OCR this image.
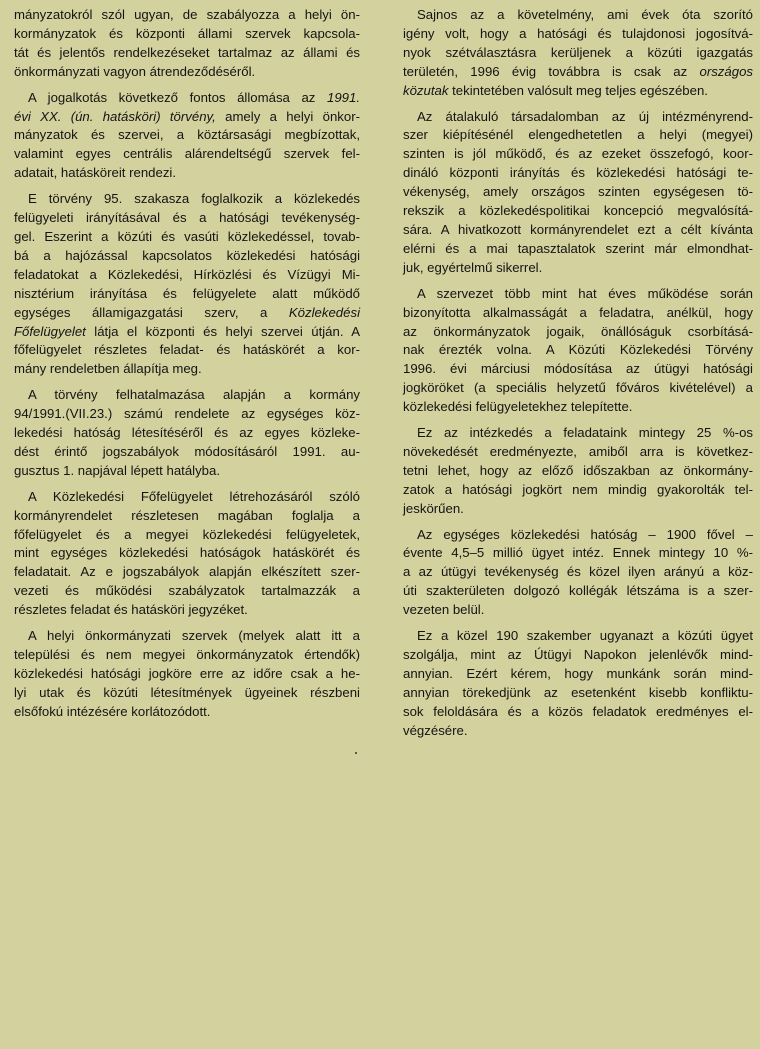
mányzatokról szól ugyan, de szabályozza a helyi ön-
kormányzatok és központi állami szervek kapcsola-
tát és jelentős rendelkezéseket tartalmaz az állami és
önkormányzati vagyon átrendeződéséről.

A jogalkotás következő fontos állomása az 1991.
évi XX. (ún. hatásköri) törvény, amely a helyi önkor-
mányzatok és szervei, a köztársasági megbízottak,
valamint egyes centrális alárendeltségű szervek fel-
adatait, hatásköreit rendezi.

E törvény 95. szakasza foglalkozik a közlekedés
felügyeleti irányításával és a hatósági tevékenység-
gel. Eszerint a közúti és vasúti közlekedéssel, tovab-
bá a hajózással kapcsolatos közlekedési hatósági
feladatokat a Közlekedési, Hírközlési és Vízügyi Mi-
nisztérium irányítása és felügyelete alatt működő
egységes államigazgatási szerv, a Közlekedési
Főfelügyelet látja el központi és helyi szervei útján. A
főfelügyelet részletes feladat- és hatáskörét a kor-
mány rendeletben állapítja meg.

A törvény felhatalmazása alapján a kormány
94/1991.(VII.23.) számú rendelete az egységes köz-
lekedési hatóság létesítéséről és az egyes közleke-
dést érintő jogszabályok módosításáról 1991. au-
gusztus 1. napjával lépett hatályba.

A Közlekedési Főfelügyelet létrehozásáról szóló
kormányrendelet részletesen magában foglalja a
főfelügyelet és a megyei közlekedési felügyeletek,
mint egységes közlekedési hatóságok hatáskörét és
feladatait. Az e jogszabályok alapján elkészített szer-
vezeti és működési szabályzatok tartalmazzák a
részletes feladat és hatásköri jegyzéket.

A helyi önkormányzati szervek (melyek alatt itt a
települési és nem megyei önkormányzatok értendők)
közlekedési hatósági jogköre erre az időre csak a he-
lyi utak és közúti létesítmények ügyeinek részbeni
elsőfokú intézésére korlátozódott.

Sajnos az a követelmény, ami évek óta szorító
igény volt, hogy a hatósági és tulajdonosi jogosítvá-
nyok szétválasztásra kerüljenek a közúti igazgatás
területén, 1996 évig továbbra is csak az országos
közutak tekintetében valósult meg teljes egészében.

Az átalakuló társadalomban az új intézményrend-
szer kiépítésénél elengedhetetlen a helyi (megyei)
szinten is jól működő, és az ezeket összefogó, koor-
dináló központi irányítás és közlekedési hatósági te-
vékenység, amely országos szinten egységesen tö-
rekszik a közlekedéspolitikai koncepció megvalósítá-
sára. A hivatkozott kormányrendelet ezt a célt kívánta
elérni és a mai tapasztalatok szerint már elmondhat-
juk, egyértelmű sikerrel.

A szervezet több mint hat éves működése során
bizonyította alkalmasságát a feladatra, anélkül, hogy
az önkormányzatok jogaik, önállóságuk csorbításá-
nak érezték volna. A Közúti Közlekedési Törvény
1996. évi márciusi módosítása az útügyi hatósági
jogköröket (a speciális helyzetű főváros kivételével) a
közlekedési felügyeletekhez telepítette.

Ez az intézkedés a feladataink mintegy 25 %-os
növekedését eredményezte, amiből arra is következ-
tetni lehet, hogy az előző időszakban az önkormány-
zatok a hatósági jogkört nem mindig gyakorolták tel-
jeskörűen.

Az egységes közlekedési hatóság – 1900 fővel –
évente 4,5–5 millió ügyet intéz. Ennek mintegy 10 %-
a az útügyi tevékenység és közel ilyen arányú a köz-
úti szakterületen dolgozó kollégák létszáma is a szer-
vezeten belül.

Ez a közel 190 szakember ugyanazt a közúti ügyet
szolgálja, mint az Útügyi Napokon jelenlévők mind-
annyian. Ezért kérem, hogy munkánk során mind-
annyian törekedjünk az esetenként kisebb konfliktu-
sok feloldására és a közös feladatok eredményes el-
végzésére.
